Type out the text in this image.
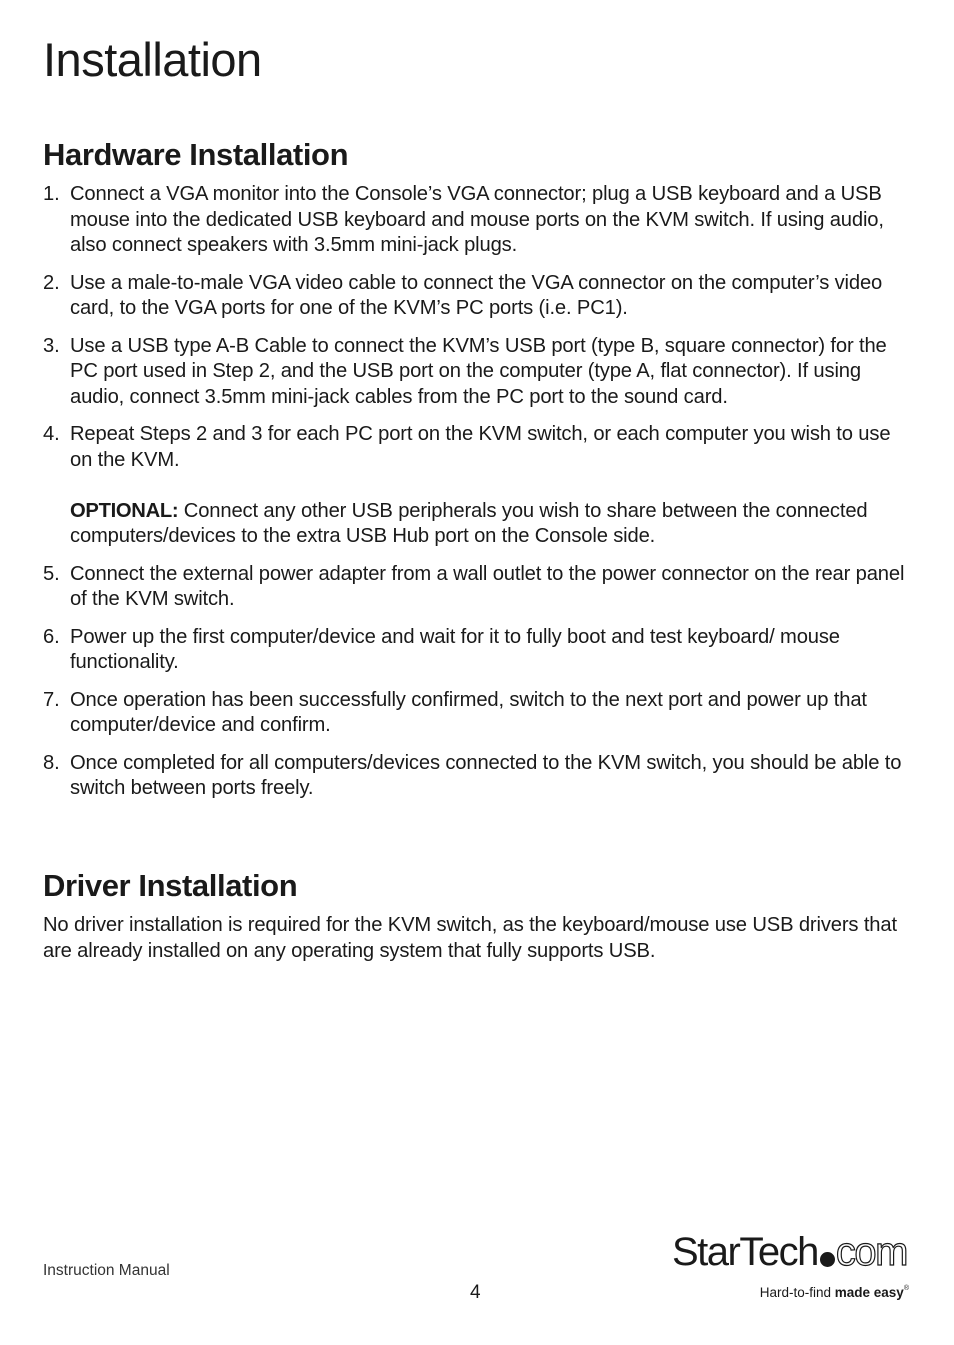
Installation
Hardware Installation
1. Connect a VGA monitor into the Console’s VGA connector; plug a USB keyboard and a USB mouse into the dedicated USB keyboard and mouse ports on the KVM switch. If using audio, also connect speakers with 3.5mm mini-jack plugs.
2. Use a male-to-male VGA video cable to connect the VGA connector on the computer’s video card, to the VGA ports for one of the KVM’s PC ports (i.e. PC1).
3. Use a USB type A-B Cable to connect the KVM’s USB port (type B, square connector) for the PC port used in Step 2, and the USB port on the computer (type A, flat connector). If using audio, connect 3.5mm mini-jack cables from the PC port to the sound card.
4. Repeat Steps 2 and 3 for each PC port on the KVM switch, or each computer you wish to use on the KVM.
OPTIONAL: Connect any other USB peripherals you wish to share between the connected computers/devices to the extra USB Hub port on the Console side.
5. Connect the external power adapter from a wall outlet to the power connector on the rear panel of the KVM switch.
6. Power up the first computer/device and wait for it to fully boot and test keyboard/ mouse functionality.
7. Once operation has been successfully confirmed, switch to the next port and power up that computer/device and confirm.
8. Once completed for all computers/devices connected to the KVM switch, you should be able to switch between ports freely.
Driver Installation

No driver installation is required for the KVM switch, as the keyboard/mouse use USB drivers that are already installed on any operating system that fully supports USB.

Instruction Manual
4
StarTech com
Hard-to-find made easy®
